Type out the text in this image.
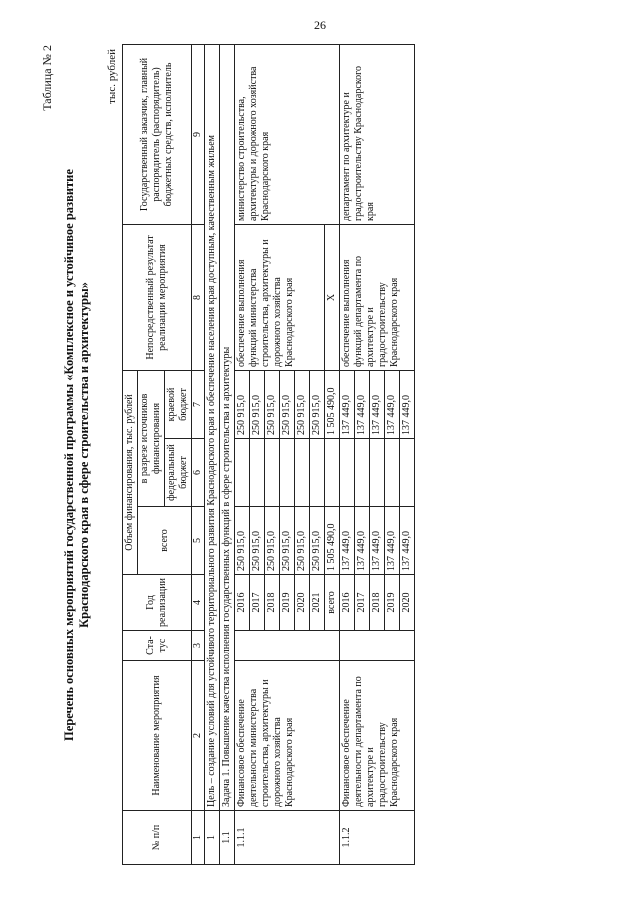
26
Таблица № 2
Перечень основных мероприятий государственной программы «Комплексное и устойчивое развитие Краснодарского края в сфере строительства и архитектуры»
тыс. рублей
№ п/п	Наименование мероприятия	Ста-тус	Год реализации	Объем финансирования, тыс. рублей			Непосредственный результат реализации мероприятия	Государственный заказчик, главный распорядитель (распорядитель) бюджетных средств, исполнитель
				всего	в разрезе источников финансирования			
					федеральный бюджет	краевой бюджет		
1	2	3	4	5	6	7	8	9
1	Цель – создание условий для устойчивого территориального развития Краснодарского края и обеспечение населения края доступным, качественным жильем							
1.1	Задача 1. Повышение качества исполнения государственных функций в сфере строительства и архитектуры							
1.1.1	Финансовое обеспечение деятельности министерства строительства, архитектуры и дорожного хозяйства Краснодарского края		2016	250 915,0		250 915,0	обеспечение выполнения функций министерства строительства, архитектуры и дорожного хозяйства Краснодарского края	министерство строительства, архитектуры и дорожного хозяйства Краснодарского края
			2017	250 915,0		250 915,0		
			2018	250 915,0		250 915,0		
			2019	250 915,0		250 915,0		
			2020	250 915,0		250 915,0		
			2021	250 915,0		250 915,0		
			всего	1 505 490,0		1 505 490,0	X	
1.1.2	Финансовое обеспечение деятельности департамента по архитектуре и градостроительству Краснодарского края		2016	137 449,0		137 449,0	обеспечение выполнения функций департамента по архитектуре и градостроительству Краснодарского края	департамент по архитектуре и градостроительству Краснодарского края
			2017	137 449,0		137 449,0		
			2018	137 449,0		137 449,0		
			2019	137 449,0		137 449,0		
			2020	137 449,0		137 449,0		
